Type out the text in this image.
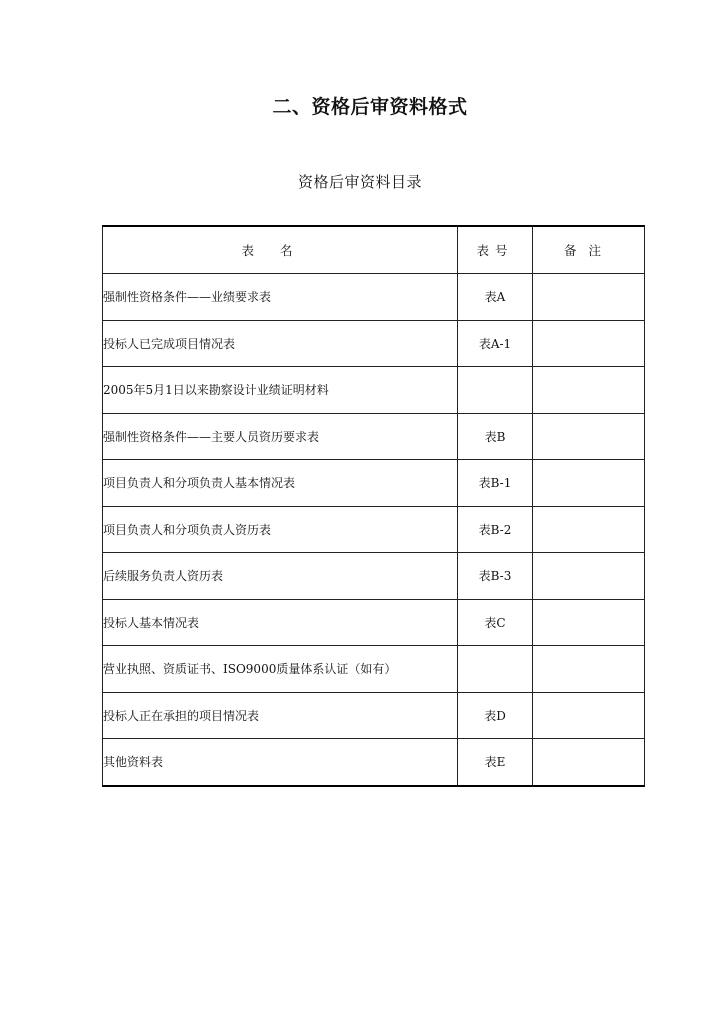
二、资格后审资料格式
资格后审资料目录
表名	表号	备注
强制性资格条件——业绩要求表	表A	
投标人已完成项目情况表	表A-1	
2005年5月1日以来勘察设计业绩证明材料		
强制性资格条件——主要人员资历要求表	表B	
项目负责人和分项负责人基本情况表	表B-1	
项目负责人和分项负责人资历表	表B-2	
后续服务负责人资历表	表B-3	
投标人基本情况表	表C	
营业执照、资质证书、ISO9000质量体系认证（如有）		
投标人正在承担的项目情况表	表D	
其他资料表	表E	
